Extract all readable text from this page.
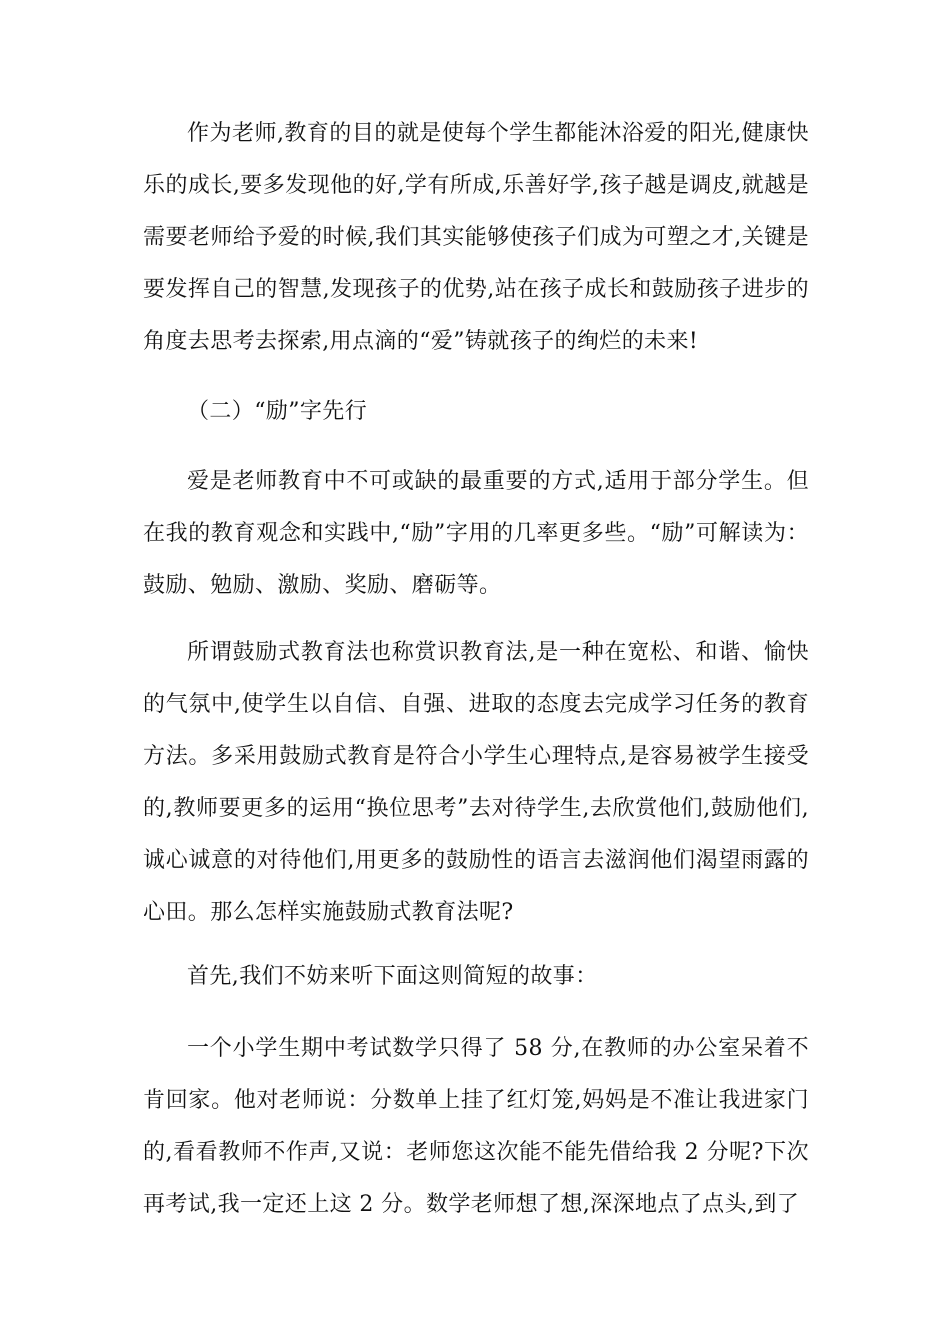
作为老师,教育的目的就是使每个学生都能沐浴爱的阳光,健康快乐的成长,要多发现他的好,学有所成,乐善好学,孩子越是调皮,就越是需要老师给予爱的时候,我们其实能够使孩子们成为可塑之才,关键是要发挥自己的智慧,发现孩子的优势,站在孩子成长和鼓励孩子进步的角度去思考去探索,用点滴的“爱”铸就孩子的绚烂的未来!

（二）“励”字先行

爱是老师教育中不可或缺的最重要的方式,适用于部分学生。但在我的教育观念和实践中,“励”字用的几率更多些。“励”可解读为：鼓励、勉励、激励、奖励、磨砺等。

所谓鼓励式教育法也称赏识教育法,是一种在宽松、和谐、愉快的气氛中,使学生以自信、自强、进取的态度去完成学习任务的教育方法。多采用鼓励式教育是符合小学生心理特点,是容易被学生接受的,教师要更多的运用“换位思考”去对待学生,去欣赏他们,鼓励他们,诚心诚意的对待他们,用更多的鼓励性的语言去滋润他们渴望雨露的心田。那么怎样实施鼓励式教育法呢?

首先,我们不妨来听下面这则简短的故事：

一个小学生期中考试数学只得了 58 分,在教师的办公室呆着不肯回家。他对老师说：分数单上挂了红灯笼,妈妈是不准让我进家门的,看看教师不作声,又说：老师您这次能不能先借给我 2 分呢?下次再考试,我一定还上这 2 分。数学老师想了想,深深地点了点头,到了
